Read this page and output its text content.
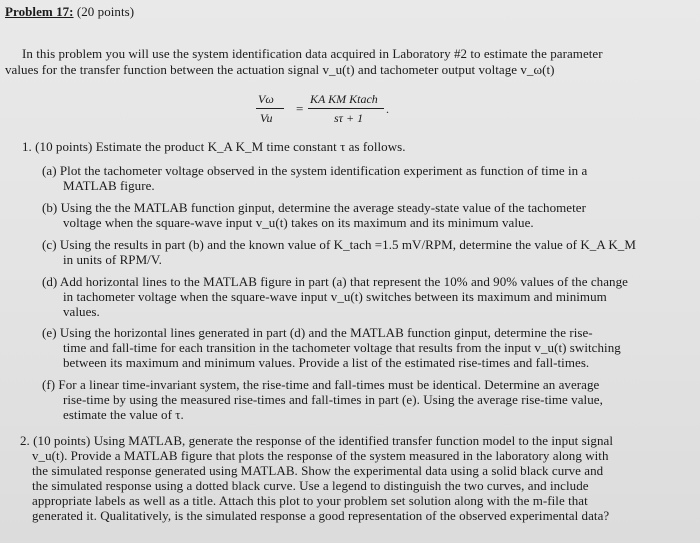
Problem 17: (20 points)
In this problem you will use the system identification data acquired in Laboratory #2 to estimate the parameter
values for the transfer function between the actuation signal v_u(t) and tachometer output voltage v_ω(t)
Vω
Vu
=
KA KM Ktach
sτ + 1
.
1. (10 points) Estimate the product K_A K_M time constant τ as follows.
(a) Plot the tachometer voltage observed in the system identification experiment as function of time in a
MATLAB figure.
(b) Using the the MATLAB function ginput, determine the average steady-state value of the tachometer
voltage when the square-wave input v_u(t) takes on its maximum and its minimum value.
(c) Using the results in part (b) and the known value of K_tach =1.5 mV/RPM, determine the value of K_A K_M
in units of RPM/V.
(d) Add horizontal lines to the MATLAB figure in part (a) that represent the 10% and 90% values of the change
in tachometer voltage when the square-wave input v_u(t) switches between its maximum and minimum
values.
(e) Using the horizontal lines generated in part (d) and the MATLAB function ginput, determine the rise-
time and fall-time for each transition in the tachometer voltage that results from the input v_u(t) switching
between its maximum and minimum values. Provide a list of the estimated rise-times and fall-times.
(f) For a linear time-invariant system, the rise-time and fall-times must be identical. Determine an average
rise-time by using the measured rise-times and fall-times in part (e). Using the average rise-time value,
estimate the value of τ.
2. (10 points) Using MATLAB, generate the response of the identified transfer function model to the input signal
v_u(t). Provide a MATLAB figure that plots the response of the system measured in the laboratory along with
the simulated response generated using MATLAB. Show the experimental data using a solid black curve and
the simulated response using a dotted black curve. Use a legend to distinguish the two curves, and include
appropriate labels as well as a title. Attach this plot to your problem set solution along with the m-file that
generated it. Qualitatively, is the simulated response a good representation of the observed experimental data?
